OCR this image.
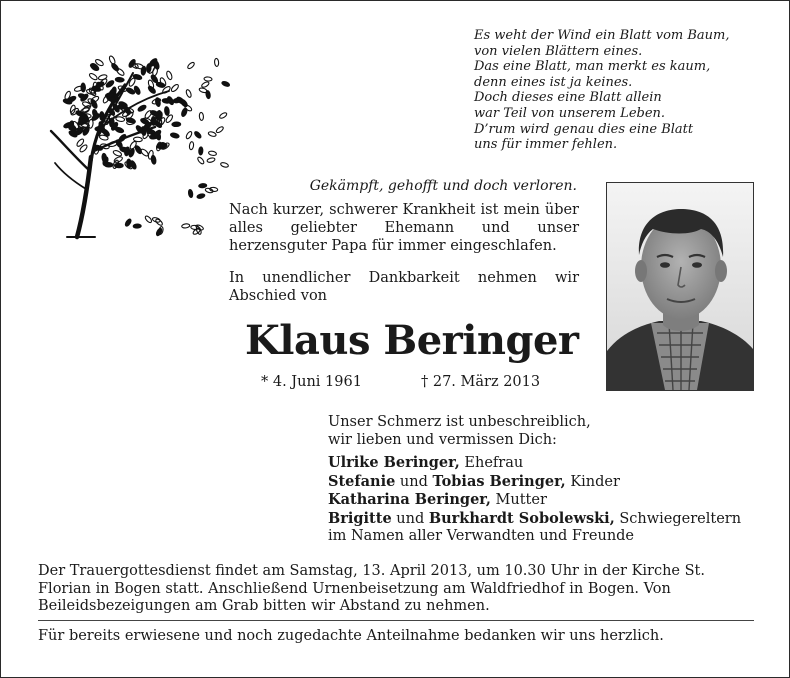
Es weht der Wind ein Blatt vom Baum,
von vielen Blättern eines.
Das eine Blatt, man merkt es kaum,
denn eines ist ja keines.
Doch dieses eine Blatt allein
war Teil von unserem Leben.
D’rum wird genau dies eine Blatt
uns für immer fehlen.
Gekämpft, gehofft und doch verloren.

Nach kurzer, schwerer Krankheit ist mein über alles geliebter Ehemann und unser herzensguter Papa für immer eingeschlafen.

In unendlicher Dankbarkeit nehmen wir Abschied von

Klaus Beringer
* 4. Juni 1961	† 27. März 2013
Unser Schmerz ist unbeschreiblich,
wir lieben und vermissen Dich:
Ulrike Beringer, Ehefrau
Stefanie und Tobias Beringer, Kinder
Katharina Beringer, Mutter
Brigitte und Burkhardt Sobolewski, Schwiegereltern
im Namen aller Verwandten und Freunde
Der Trauergottesdienst findet am Samstag, 13. April 2013, um 10.30 Uhr in der Kirche St. Florian in Bogen statt. Anschließend Urnenbeisetzung am Waldfriedhof in Bogen. Von Beileidsbezeigungen am Grab bitten wir Abstand zu nehmen.
Für bereits erwiesene und noch zugedachte Anteilnahme bedanken wir uns herzlich.
